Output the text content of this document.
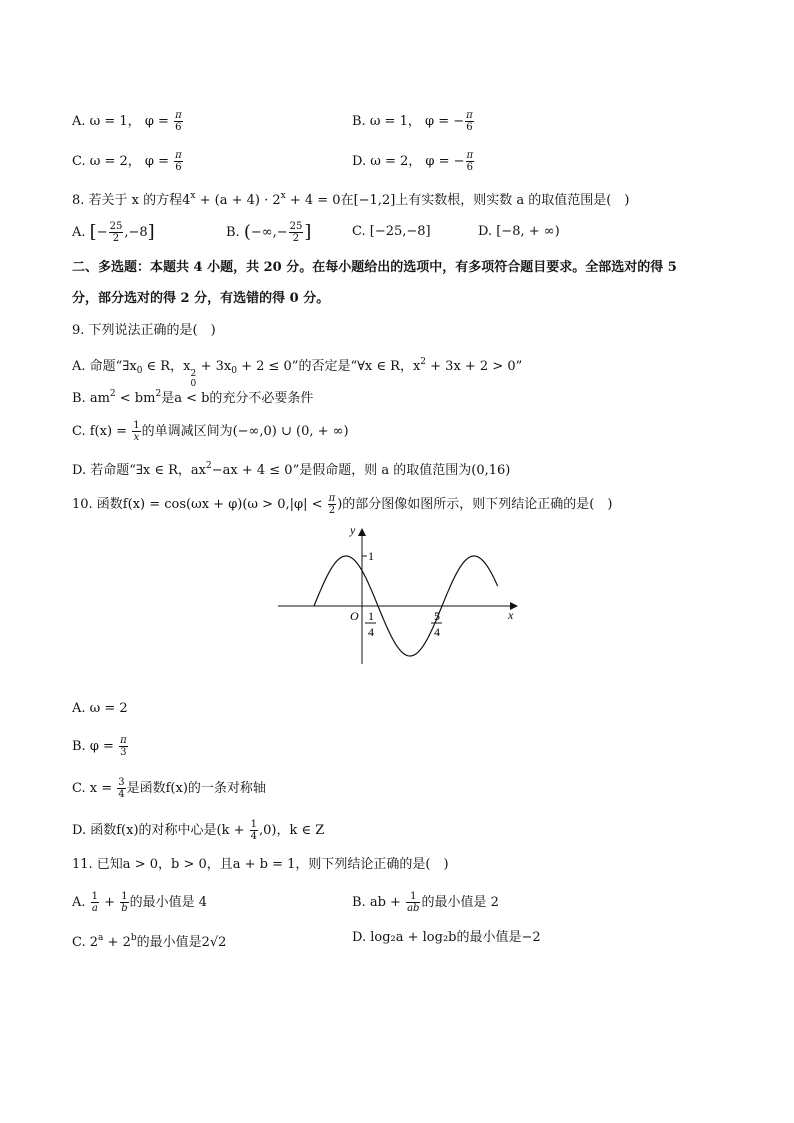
A. ω = 1， $\varphi = \frac{\pi}{6}$	B. ω = 1， φ = − $\frac{\pi}{6}$
C. ω = 2， $\varphi = \frac{\pi}{6}$	D. ω = 2， φ = − $\frac{\pi}{6}$
8. 若关于 x 的方程$4^x + (a + 4) \cdot 2^x + 4 = 0$在[−1,2]上有实数根，则实数 a 的取值范围是(　)
A. [− $\frac{25}{2} ,-8$]	B. (−∞,− $\frac{25}{2}$ ]	C. [−25,−8]	D. [−8, + ∞)
二、多选题：本题共 4 小题，共 20 分。在每小题给出的选项中，有多项符合题目要求。全部选对的得 5
分，部分选对的得 2 分，有选错的得 0 分。
9. 下列说法正确的是(　)
A. 命题“$\exists x_0$ ∈ R，x 2
0
+ $3x_0 + 2 \le 0$”的否定是“∀x ∈ R，$x^2 + 3x + 2 > 0$”
B. $am^2 < bm^2$是a < b的充分不必要条件
C. $f(x) = \frac{1}{x}$ 的单调减区间为(−∞,0) ∪ (0, + ∞)
D. 若命题“∃x ∈ R，$ax^2-ax + 4 \le 0$”是假命题，则 a 的取值范围为(0,16)
10. 函数$f(x) = \cos(\omega x + \varphi)(\omega > 0,|\varphi| < \frac{\pi}{2}$ )的部分图像如图所示，则下列结论正确的是(　)
y
x
O
1
1
4
5
4
A. ω = 2
B. $\varphi = \frac{\pi}{3}$
C. $x = \frac{3}{4}$ 是函数f(x)的一条对称轴
D. 函数f(x)的对称中心是$(k + \frac{1}{4} ,0)$，k ∈ Z
11. 已知a > 0，b > 0，且a + b = 1，则下列结论正确的是(　)
A. $\frac{1}{a} + \frac{1}{b}$ 的最小值是 4	B. ab + $\frac{1}{ab}$ 的最小值是 2
C. $2^a + 2^b$的最小值是2√2	D. log₂a + log₂b的最小值是−2
